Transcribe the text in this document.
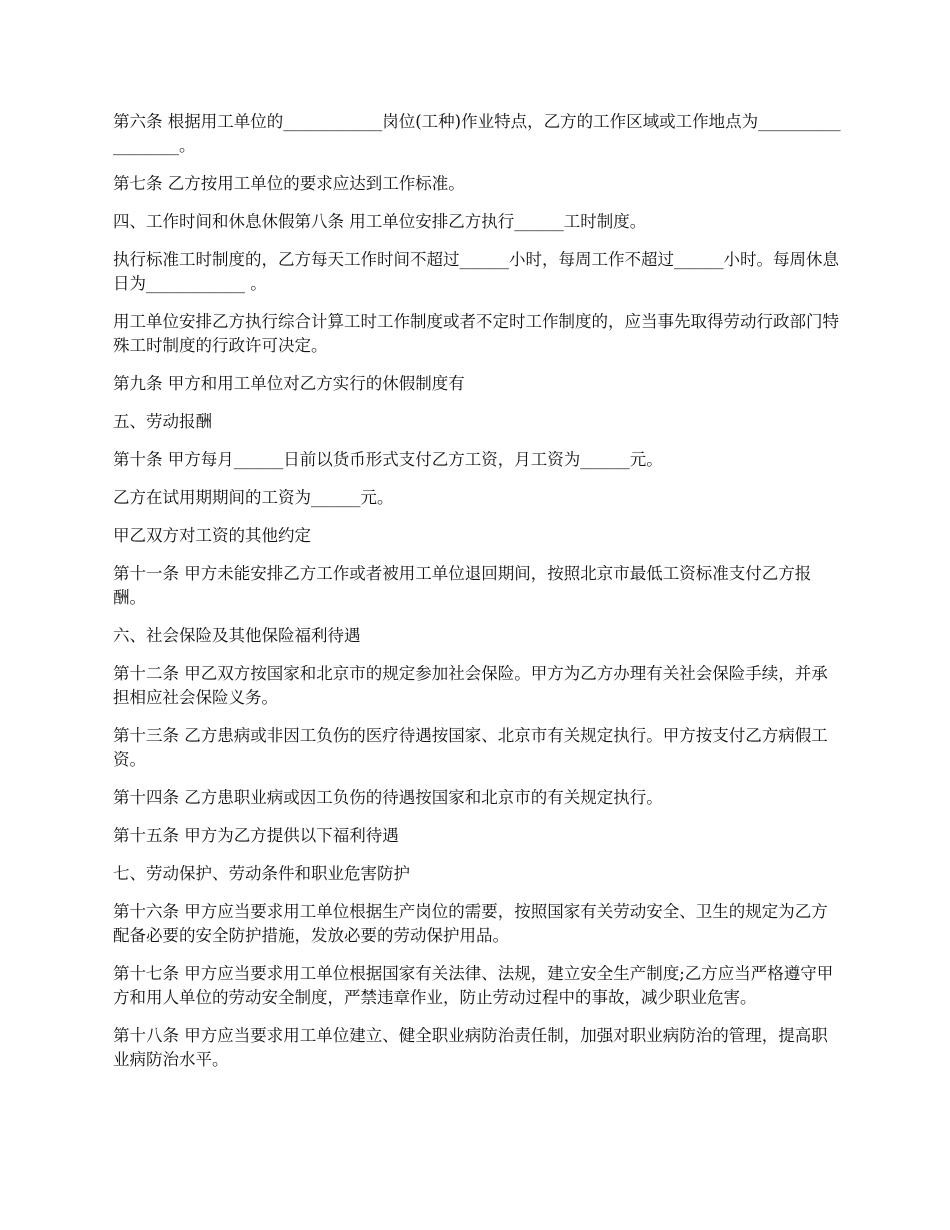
第六条 根据用工单位的____________岗位(工种)作业特点，乙方的工作区域或工作地点为__________________。

第七条 乙方按用工单位的要求应达到工作标准。

四、工作时间和休息休假第八条 用工单位安排乙方执行______工时制度。

执行标准工时制度的，乙方每天工作时间不超过______小时，每周工作不超过______小时。每周休息日为____________ 。

用工单位安排乙方执行综合计算工时工作制度或者不定时工作制度的，应当事先取得劳动行政部门特殊工时制度的行政许可决定。

第九条 甲方和用工单位对乙方实行的休假制度有

五、劳动报酬

第十条 甲方每月______日前以货币形式支付乙方工资，月工资为______元。

乙方在试用期期间的工资为______元。

甲乙双方对工资的其他约定

第十一条 甲方未能安排乙方工作或者被用工单位退回期间，按照北京市最低工资标准支付乙方报酬。

六、社会保险及其他保险福利待遇

第十二条 甲乙双方按国家和北京市的规定参加社会保险。甲方为乙方办理有关社会保险手续，并承担相应社会保险义务。

第十三条 乙方患病或非因工负伤的医疗待遇按国家、北京市有关规定执行。甲方按支付乙方病假工资。

第十四条 乙方患职业病或因工负伤的待遇按国家和北京市的有关规定执行。

第十五条 甲方为乙方提供以下福利待遇

七、劳动保护、劳动条件和职业危害防护

第十六条 甲方应当要求用工单位根据生产岗位的需要，按照国家有关劳动安全、卫生的规定为乙方配备必要的安全防护措施，发放必要的劳动保护用品。

第十七条 甲方应当要求用工单位根据国家有关法律、法规，建立安全生产制度;乙方应当严格遵守甲方和用人单位的劳动安全制度，严禁违章作业，防止劳动过程中的事故，减少职业危害。

第十八条 甲方应当要求用工单位建立、健全职业病防治责任制，加强对职业病防治的管理，提高职业病防治水平。
